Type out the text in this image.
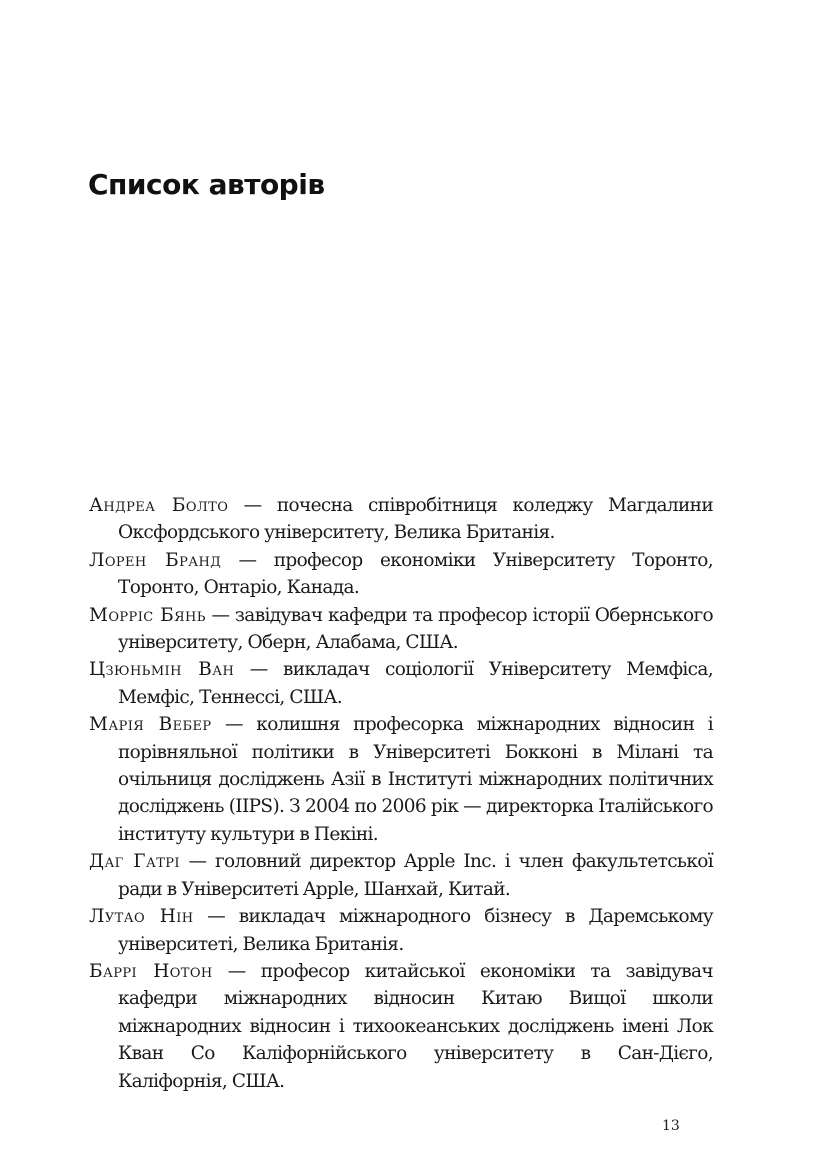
Список авторів
Андреа Болто — почесна співробітниця коледжу Магдалини Оксфордського університету, Велика Британія.
Лорен Бранд — професор економіки Університету Торонто, Торонто, Онтаріо, Канада.
Морріс Бянь — завідувач кафедри та професор історії Обернського університету, Оберн, Алабама, США.
Цзюньмін Ван — викладач соціології Університету Мемфіса, Мемфіс, Теннессі, США.
Марія Вебер — колишня професорка міжнародних відносин і порівняльної політики в Університеті Бокконі в Мілані та очільниця досліджень Азії в Інституті міжнародних політичних досліджень (IIPS). З 2004 по 2006 рік — директорка Італійського інституту культури в Пекіні.
Даг Гатрі — головний директор Apple Inc. і член факультетської ради в Університеті Apple, Шанхай, Китай.
Лутао Нін — викладач міжнародного бізнесу в Даремському університеті, Велика Британія.
Баррі Нотон — професор китайської економіки та завідувач кафедри міжнародних відносин Китаю Вищої школи міжнародних відносин і тихоокеанських досліджень імені Лок Кван Со Каліфорнійського університету в Сан-Дієго, Каліфорнія, США.
13
